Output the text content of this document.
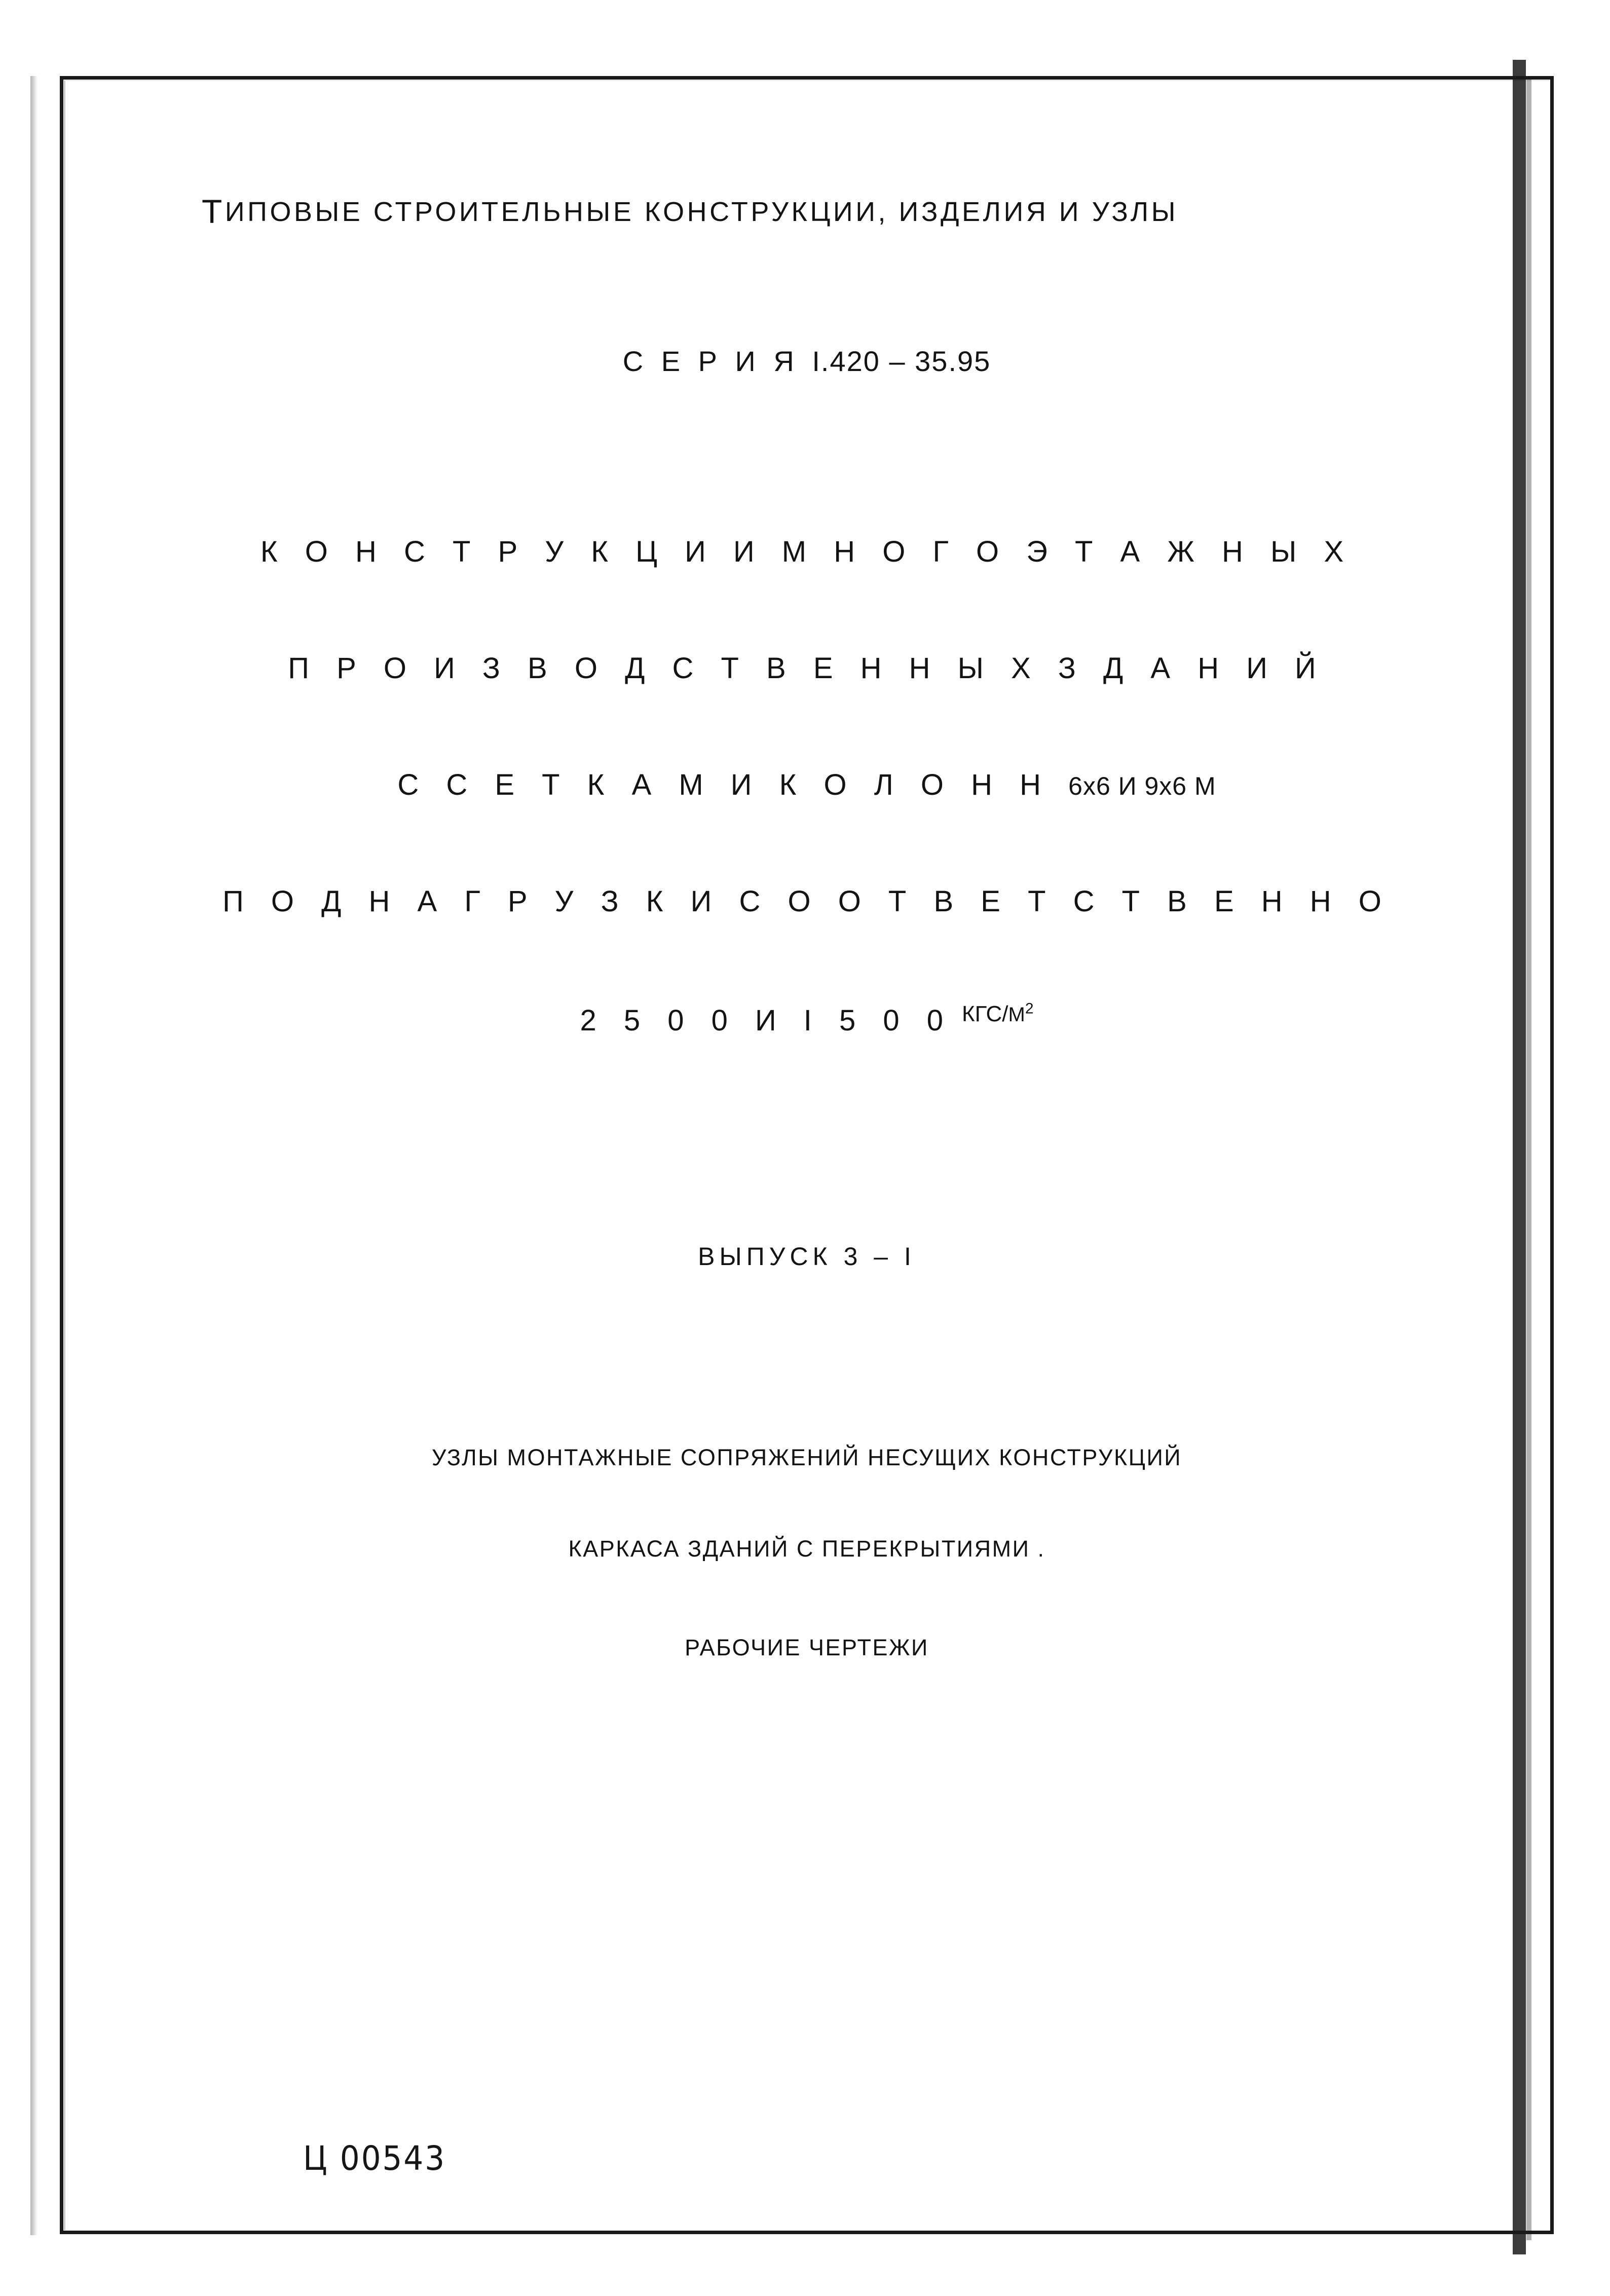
ТИПОВЫЕ СТРОИТЕЛЬНЫЕ КОНСТРУКЦИИ, ИЗДЕЛИЯ И УЗЛЫ
С Е Р И Я I.420 – 35.95
К О Н С Т Р У К Ц И И М Н О Г О Э Т А Ж Н Ы Х
П Р О И З В О Д С Т В Е Н Н Ы Х З Д А Н И Й
С С Е Т К А М И К О Л О Н Н 6х6 И 9х6 М
П О Д Н А Г Р У З К И С О О Т В Е Т С Т В Е Н Н О
2 5 0 0 И I 5 0 0 $^{КГС/М^2}$
ВЫПУСК 3 – I
УЗЛЫ МОНТАЖНЫЕ СОПРЯЖЕНИЙ НЕСУЩИХ КОНСТРУКЦИЙ
КАРКАСА ЗДАНИЙ С ПЕРЕКРЫТИЯМИ .
РАБОЧИЕ ЧЕРТЕЖИ
Ц 00543
